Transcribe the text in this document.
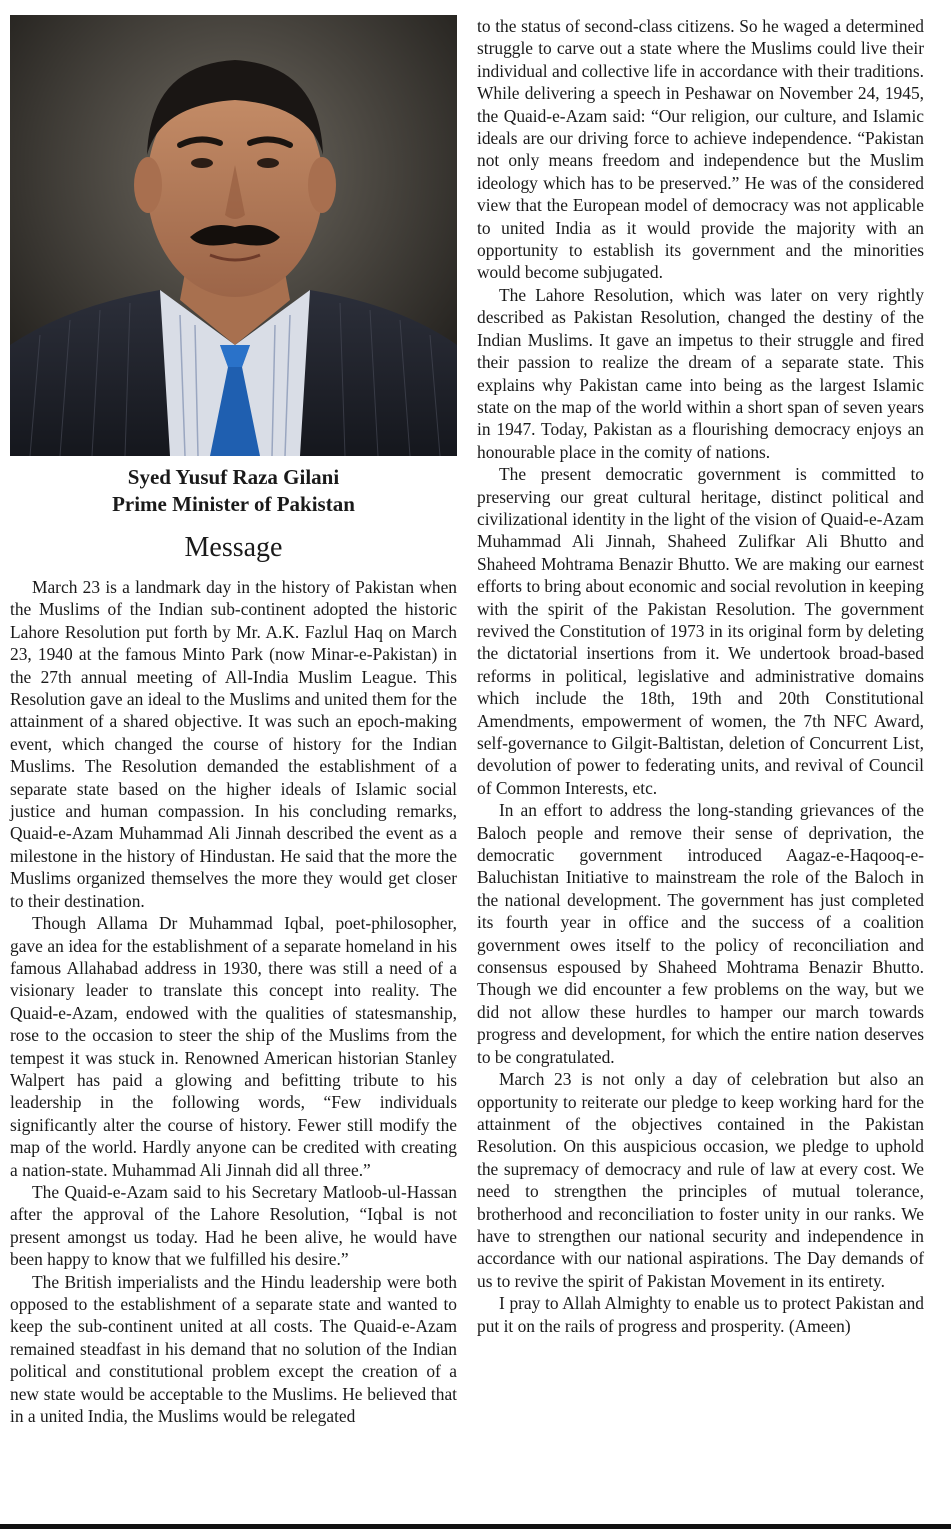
Syed Yusuf Raza Gilani
Prime Minister of Pakistan
Message

March 23 is a landmark day in the history of Pakistan when the Muslims of the Indian sub-continent adopted the historic Lahore Resolution put forth by Mr. A.K. Fazlul Haq on March 23, 1940 at the famous Minto Park (now Minar-e-Pakistan) in the 27th annual meeting of All-India Muslim League. This Resolution gave an ideal to the Muslims and united them for the attainment of a shared objective. It was such an epoch-making event, which changed the course of history for the Indian Muslims. The Resolution demanded the establishment of a separate state based on the higher ideals of Islamic social justice and human compassion. In his concluding remarks, Quaid-e-Azam Muhammad Ali Jinnah described the event as a milestone in the history of Hindustan. He said that the more the Muslims organized themselves the more they would get closer to their destination.

Though Allama Dr Muhammad Iqbal, poet-philosopher, gave an idea for the establishment of a separate homeland in his famous Allahabad address in 1930, there was still a need of a visionary leader to translate this concept into reality. The Quaid-e-Azam, endowed with the qualities of statesmanship, rose to the occasion to steer the ship of the Muslims from the tempest it was stuck in. Renowned American historian Stanley Walpert has paid a glowing and befitting tribute to his leadership in the following words, “Few individuals significantly alter the course of history. Fewer still modify the map of the world. Hardly anyone can be credited with creating a nation-state. Muhammad Ali Jinnah did all three.”

The Quaid-e-Azam said to his Secretary Matloob-ul-Hassan after the approval of the Lahore Resolution, “Iqbal is not present amongst us today. Had he been alive, he would have been happy to know that we fulfilled his desire.”

The British imperialists and the Hindu leadership were both opposed to the establishment of a separate state and wanted to keep the sub-continent united at all costs. The Quaid-e-Azam remained steadfast in his demand that no solution of the Indian political and constitutional problem except the creation of a new state would be acceptable to the Muslims. He believed that in a united India, the Muslims would be relegated

to the status of second-class citizens. So he waged a determined struggle to carve out a state where the Muslims could live their individual and collective life in accordance with their traditions. While delivering a speech in Peshawar on November 24, 1945, the Quaid-e-Azam said: “Our religion, our culture, and Islamic ideals are our driving force to achieve independence. “Pakistan not only means freedom and independence but the Muslim ideology which has to be preserved.” He was of the considered view that the European model of democracy was not applicable to united India as it would provide the majority with an opportunity to establish its government and the minorities would become subjugated.

The Lahore Resolution, which was later on very rightly described as Pakistan Resolution, changed the destiny of the Indian Muslims. It gave an impetus to their struggle and fired their passion to realize the dream of a separate state. This explains why Pakistan came into being as the largest Islamic state on the map of the world within a short span of seven years in 1947. Today, Pakistan as a flourishing democracy enjoys an honourable place in the comity of nations.

The present democratic government is committed to preserving our great cultural heritage, distinct political and civilizational identity in the light of the vision of Quaid-e-Azam Muhammad Ali Jinnah, Shaheed Zulifkar Ali Bhutto and Shaheed Mohtrama Benazir Bhutto. We are making our earnest efforts to bring about economic and social revolution in keeping with the spirit of the Pakistan Resolution. The government revived the Constitution of 1973 in its original form by deleting the dictatorial insertions from it. We undertook broad-based reforms in political, legislative and administrative domains which include the 18th, 19th and 20th Constitutional Amendments, empowerment of women, the 7th NFC Award, self-governance to Gilgit-Baltistan, deletion of Concurrent List, devolution of power to federating units, and revival of Council of Common Interests, etc.

In an effort to address the long-standing grievances of the Baloch people and remove their sense of deprivation, the democratic government introduced Aagaz-e-Haqooq-e-Baluchistan Initiative to mainstream the role of the Baloch in the national development. The government has just completed its fourth year in office and the success of a coalition government owes itself to the policy of reconciliation and consensus espoused by Shaheed Mohtrama Benazir Bhutto. Though we did encounter a few problems on the way, but we did not allow these hurdles to hamper our march towards progress and development, for which the entire nation deserves to be congratulated.

March 23 is not only a day of celebration but also an opportunity to reiterate our pledge to keep working hard for the attainment of the objectives contained in the Pakistan Resolution. On this auspicious occasion, we pledge to uphold the supremacy of democracy and rule of law at every cost. We need to strengthen the principles of mutual tolerance, brotherhood and reconciliation to foster unity in our ranks. We have to strengthen our national security and independence in accordance with our national aspirations. The Day demands of us to revive the spirit of Pakistan Movement in its entirety.

I pray to Allah Almighty to enable us to protect Pakistan and put it on the rails of progress and prosperity. (Ameen)
